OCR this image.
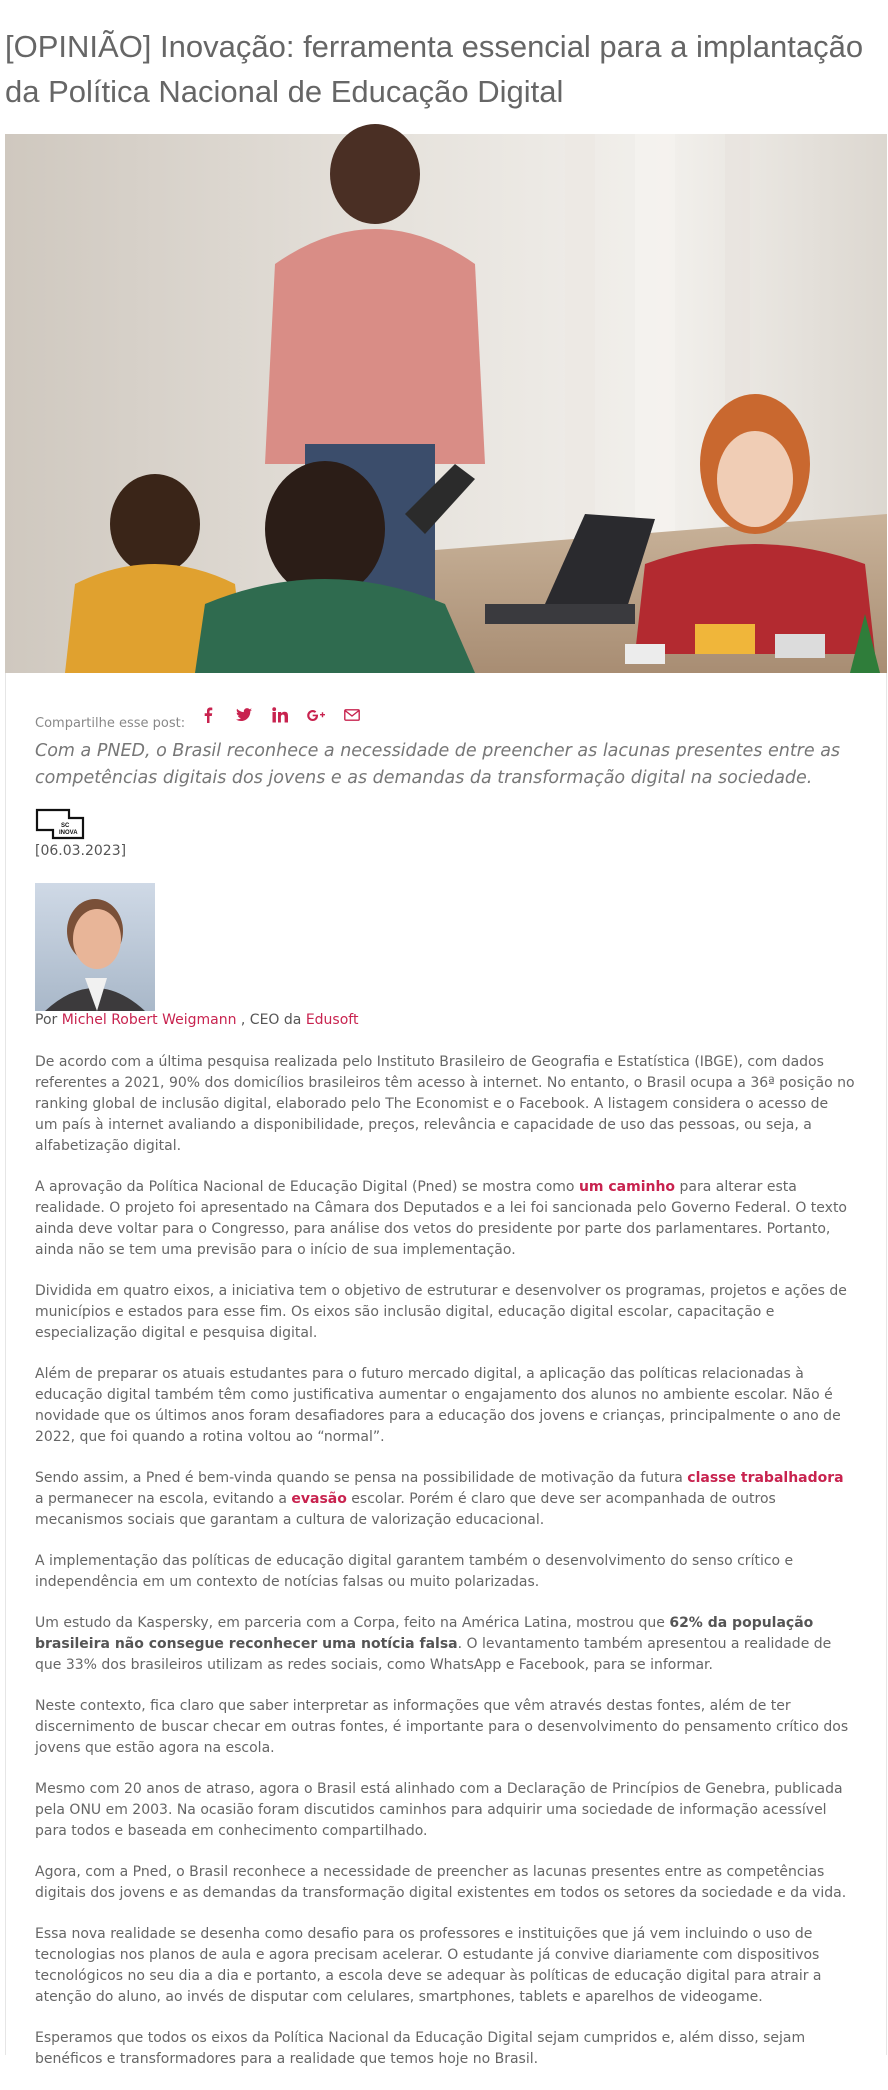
[OPINIÃO] Inovação: ferramenta essencial para a implantação da Política Nacional de Educação Digital
Compartilhe esse post:

Com a PNED, o Brasil reconhece a necessidade de preencher as lacunas presentes entre as competências digitais dos jovens e as demandas da transformação digital na sociedade.

SC
INOVA
[06.03.2023]
Por Michel Robert Weigmann , CEO da Edusoft

De acordo com a última pesquisa realizada pelo Instituto Brasileiro de Geografia e Estatística (IBGE), com dados referentes a 2021, 90% dos domicílios brasileiros têm acesso à internet. No entanto, o Brasil ocupa a 36ª posição no ranking global de inclusão digital, elaborado pelo The Economist e o Facebook. A listagem considera o acesso de um país à internet avaliando a disponibilidade, preços, relevância e capacidade de uso das pessoas, ou seja, a alfabetização digital.

A aprovação da Política Nacional de Educação Digital (Pned) se mostra como um caminho para alterar esta realidade. O projeto foi apresentado na Câmara dos Deputados e a lei foi sancionada pelo Governo Federal. O texto ainda deve voltar para o Congresso, para análise dos vetos do presidente por parte dos parlamentares. Portanto, ainda não se tem uma previsão para o início de sua implementação.

Dividida em quatro eixos, a iniciativa tem o objetivo de estruturar e desenvolver os programas, projetos e ações de municípios e estados para esse fim. Os eixos são inclusão digital, educação digital escolar, capacitação e especialização digital e pesquisa digital.

Além de preparar os atuais estudantes para o futuro mercado digital, a aplicação das políticas relacionadas à educação digital também têm como justificativa aumentar o engajamento dos alunos no ambiente escolar. Não é novidade que os últimos anos foram desafiadores para a educação dos jovens e crianças, principalmente o ano de 2022, que foi quando a rotina voltou ao “normal”.

Sendo assim, a Pned é bem-vinda quando se pensa na possibilidade de motivação da futura classe trabalhadora a permanecer na escola, evitando a evasão escolar. Porém é claro que deve ser acompanhada de outros mecanismos sociais que garantam a cultura de valorização educacional.

A implementação das políticas de educação digital garantem também o desenvolvimento do senso crítico e independência em um contexto de notícias falsas ou muito polarizadas.

Um estudo da Kaspersky, em parceria com a Corpa, feito na América Latina, mostrou que 62% da população brasileira não consegue reconhecer uma notícia falsa. O levantamento também apresentou a realidade de que 33% dos brasileiros utilizam as redes sociais, como WhatsApp e Facebook, para se informar.

Neste contexto, fica claro que saber interpretar as informações que vêm através destas fontes, além de ter discernimento de buscar checar em outras fontes, é importante para o desenvolvimento do pensamento crítico dos jovens que estão agora na escola.

Mesmo com 20 anos de atraso, agora o Brasil está alinhado com a Declaração de Princípios de Genebra, publicada pela ONU em 2003. Na ocasião foram discutidos caminhos para adquirir uma sociedade de informação acessível para todos e baseada em conhecimento compartilhado.

Agora, com a Pned, o Brasil reconhece a necessidade de preencher as lacunas presentes entre as competências digitais dos jovens e as demandas da transformação digital existentes em todos os setores da sociedade e da vida.

Essa nova realidade se desenha como desafio para os professores e instituições que já vem incluindo o uso de tecnologias nos planos de aula e agora precisam acelerar. O estudante já convive diariamente com dispositivos tecnológicos no seu dia a dia e portanto, a escola deve se adequar às políticas de educação digital para atrair a atenção do aluno, ao invés de disputar com celulares, smartphones, tablets e aparelhos de videogame.

Esperamos que todos os eixos da Política Nacional da Educação Digital sejam cumpridos e, além disso, sejam benéficos e transformadores para a realidade que temos hoje no Brasil.
